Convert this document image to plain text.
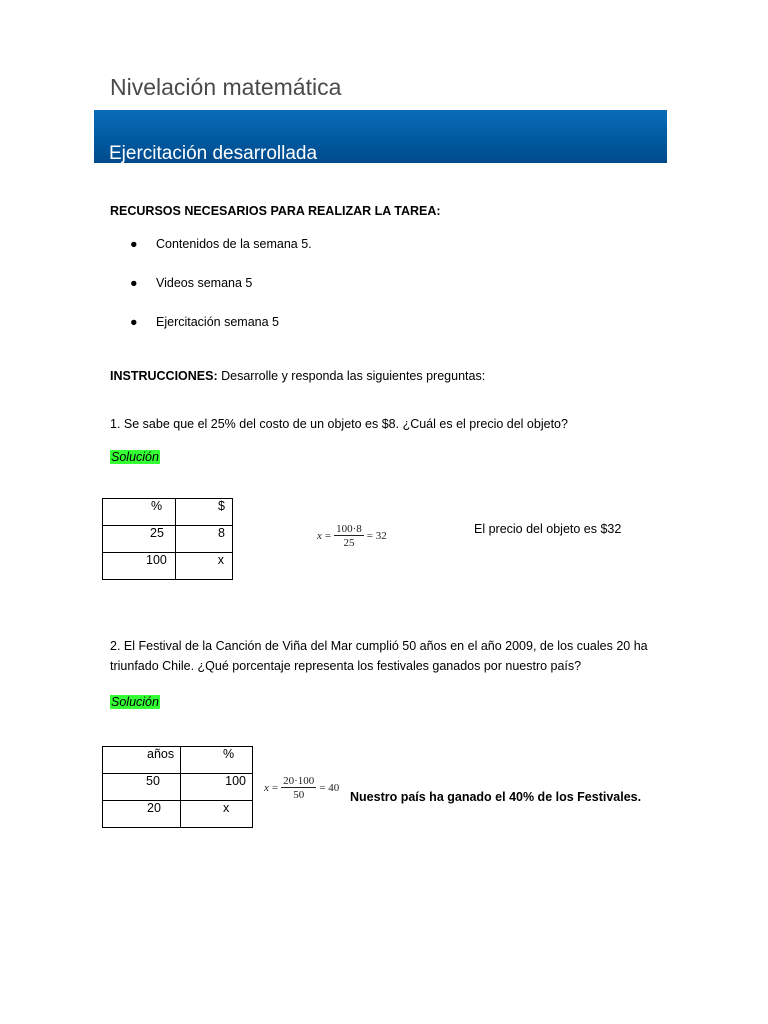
Nivelación matemática
Ejercitación desarrollada
RECURSOS NECESARIOS PARA REALIZAR LA TAREA:
● Contenidos de la semana 5.
● Videos semana 5
● Ejercitación semana 5
INSTRUCCIONES: Desarrolle y responda las siguientes preguntas:
1. Se sabe que el 25% del costo de un objeto es $8. ¿Cuál es el precio del objeto?
Solución
%	$
25	8
100	x
$x = \frac{100\cdot 8}{25} = 32$	El precio del objeto es $32
2. El Festival de la Canción de Viña del Mar cumplió 50 años en el año 2009, de los cuales 20 ha
triunfado Chile. ¿Qué porcentaje representa los festivales ganados por nuestro país?
Solución
años	%
50	100
20	x
$x = \frac{20\cdot 100}{50} = 40$
Nuestro país ha ganado el 40% de los Festivales.
